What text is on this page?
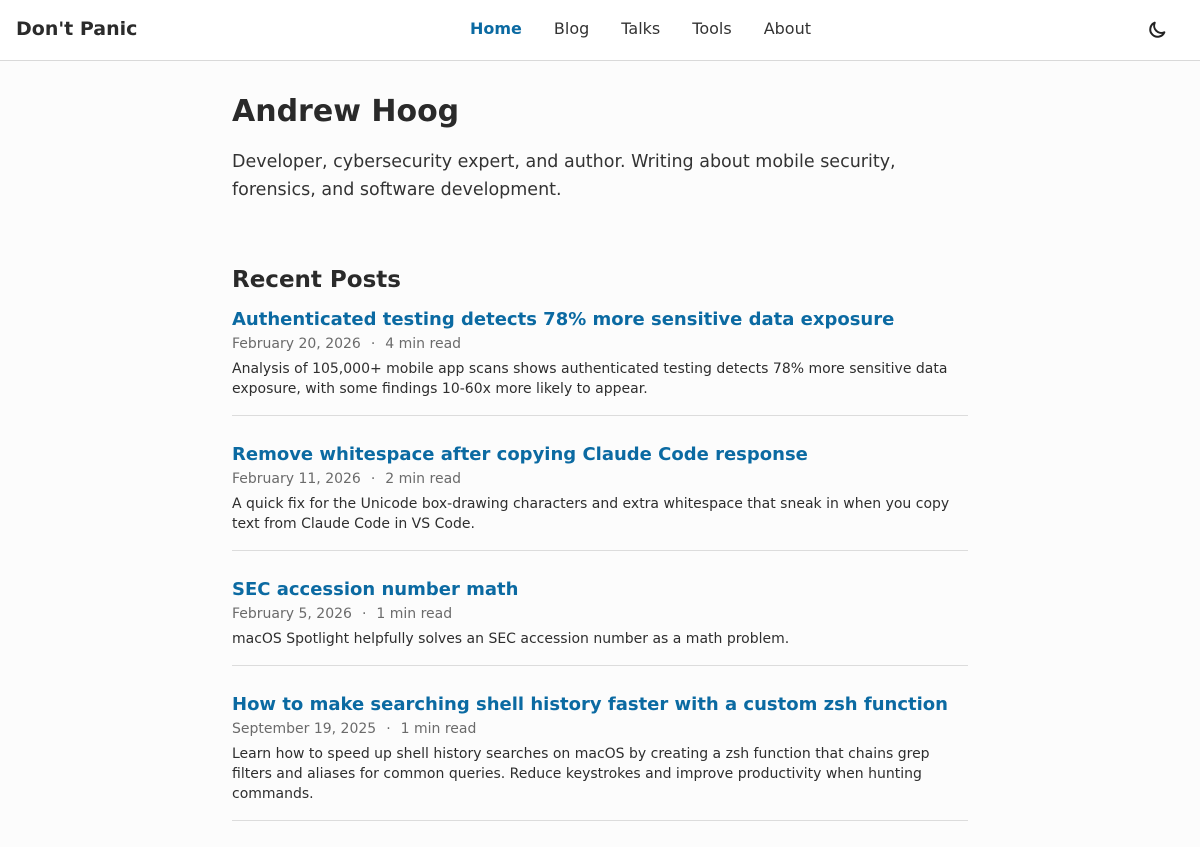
Don't Panic	Home Blog Talks Tools About
Andrew Hoog

Developer, cybersecurity expert, and author. Writing about mobile security, forensics, and software development.

Recent Posts
Authenticated testing detects 78% more sensitive data exposure
February 20, 2026 · 4 min read

Analysis of 105,000+ mobile app scans shows authenticated testing detects 78% more sensitive data exposure, with some findings 10-60x more likely to appear.

Remove whitespace after copying Claude Code response
February 11, 2026 · 2 min read

A quick fix for the Unicode box-drawing characters and extra whitespace that sneak in when you copy text from Claude Code in VS Code.

SEC accession number math
February 5, 2026 · 1 min read

macOS Spotlight helpfully solves an SEC accession number as a math problem.

How to make searching shell history faster with a custom zsh function
September 19, 2025 · 1 min read

Learn how to speed up shell history searches on macOS by creating a zsh function that chains grep filters and aliases for common queries. Reduce keystrokes and improve productivity when hunting commands.
